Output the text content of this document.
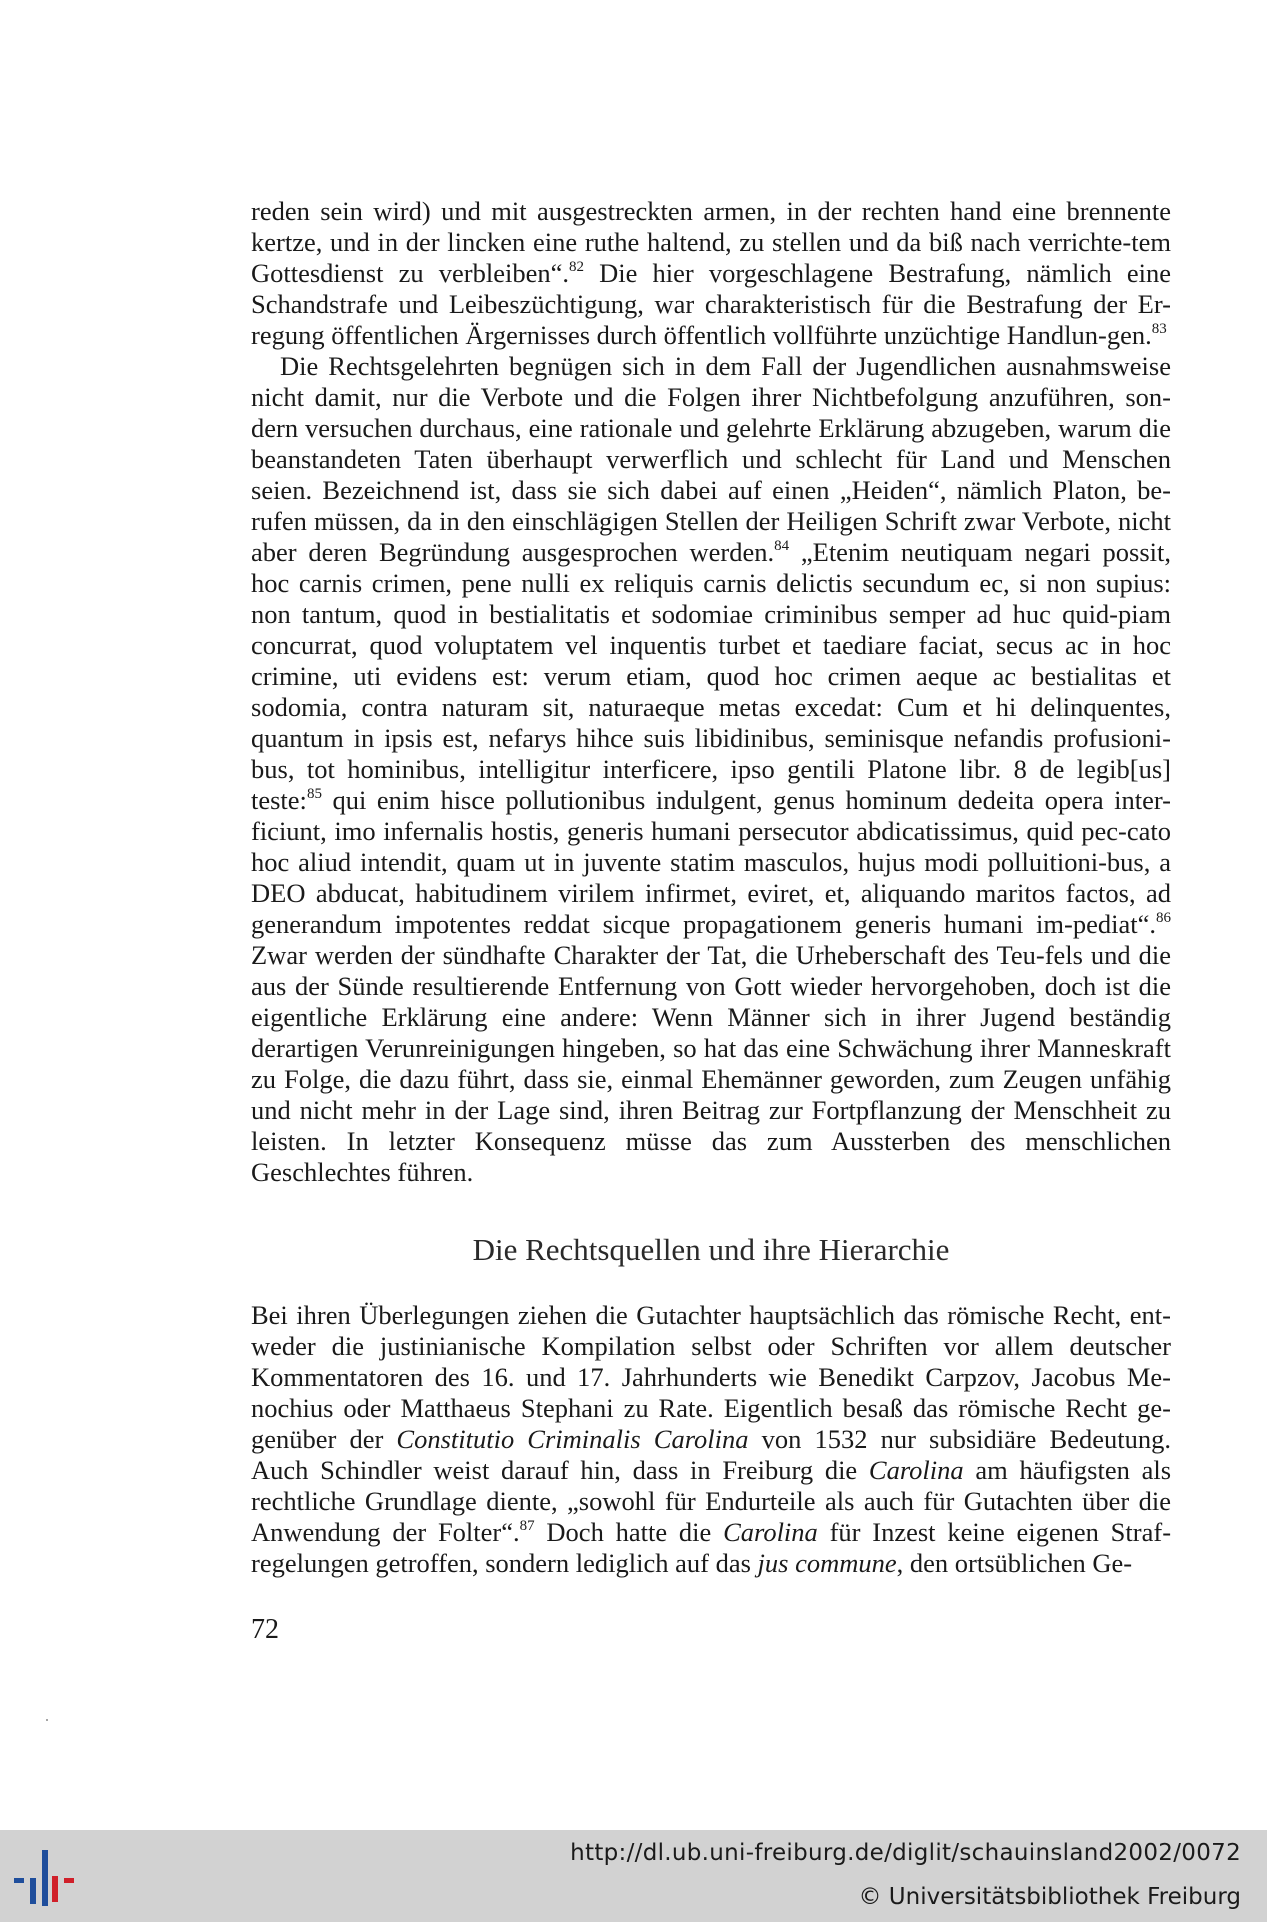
reden sein wird) und mit ausgestreckten armen, in der rechten hand eine brennente kertze, und in der lincken eine ruthe haltend, zu stellen und da biß nach verrichte-tem Gottesdienst zu verbleiben“.$^{82}$ Die hier vorgeschlagene Bestrafung, nämlich eine Schandstrafe und Leibeszüchtigung, war charakteristisch für die Bestrafung der Er-regung öffentlichen Ärgernisses durch öffentlich vollführte unzüchtige Handlun-gen.$^{83}$

Die Rechtsgelehrten begnügen sich in dem Fall der Jugendlichen ausnahmsweise nicht damit, nur die Verbote und die Folgen ihrer Nichtbefolgung anzuführen, son-dern versuchen durchaus, eine rationale und gelehrte Erklärung abzugeben, warum die beanstandeten Taten überhaupt verwerflich und schlecht für Land und Menschen seien. Bezeichnend ist, dass sie sich dabei auf einen „Heiden“, nämlich Platon, be-rufen müssen, da in den einschlägigen Stellen der Heiligen Schrift zwar Verbote, nicht aber deren Begründung ausgesprochen werden.$^{84}$ „Etenim neutiquam negari possit, hoc carnis crimen, pene nulli ex reliquis carnis delictis secundum ec, si non supius: non tantum, quod in bestialitatis et sodomiae criminibus semper ad huc quid-piam concurrat, quod voluptatem vel inquentis turbet et taediare faciat, secus ac in hoc crimine, uti evidens est: verum etiam, quod hoc crimen aeque ac bestialitas et sodomia, contra naturam sit, naturaeque metas excedat: Cum et hi delinquentes, quantum in ipsis est, nefarys hihce suis libidinibus, seminisque nefandis profusioni-bus, tot hominibus, intelligitur interficere, ipso gentili Platone libr. 8 de legib[us] teste:$^{85}$ qui enim hisce pollutionibus indulgent, genus hominum dedeita opera inter-ficiunt, imo infernalis hostis, generis humani persecutor abdicatissimus, quid pec-cato hoc aliud intendit, quam ut in juvente statim masculos, hujus modi polluitioni-bus, a DEO abducat, habitudinem virilem infirmet, eviret, et, aliquando maritos factos, ad generandum impotentes reddat sicque propagationem generis humani im-pediat“.$^{86}$ Zwar werden der sündhafte Charakter der Tat, die Urheberschaft des Teu-fels und die aus der Sünde resultierende Entfernung von Gott wieder hervorgehoben, doch ist die eigentliche Erklärung eine andere: Wenn Männer sich in ihrer Jugend beständig derartigen Verunreinigungen hingeben, so hat das eine Schwächung ihrer Manneskraft zu Folge, die dazu führt, dass sie, einmal Ehemänner geworden, zum Zeugen unfähig und nicht mehr in der Lage sind, ihren Beitrag zur Fortpflanzung der Menschheit zu leisten. In letzter Konsequenz müsse das zum Aussterben des menschlichen Geschlechtes führen.

Die Rechtsquellen und ihre Hierarchie

Bei ihren Überlegungen ziehen die Gutachter hauptsächlich das römische Recht, ent-weder die justinianische Kompilation selbst oder Schriften vor allem deutscher Kommentatoren des 16. und 17. Jahrhunderts wie Benedikt Carpzov, Jacobus Me-nochius oder Matthaeus Stephani zu Rate. Eigentlich besaß das römische Recht ge-genüber der Constitutio Criminalis Carolina von 1532 nur subsidiäre Bedeutung. Auch Schindler weist darauf hin, dass in Freiburg die Carolina am häufigsten als rechtliche Grundlage diente, „sowohl für Endurteile als auch für Gutachten über die Anwendung der Folter“.$^{87}$ Doch hatte die Carolina für Inzest keine eigenen Straf-regelungen getroffen, sondern lediglich auf das jus commune, den ortsüblichen Ge-

72
http://dl.ub.uni-freiburg.de/diglit/schauinsland2002/0072
© Universitätsbibliothek Freiburg
